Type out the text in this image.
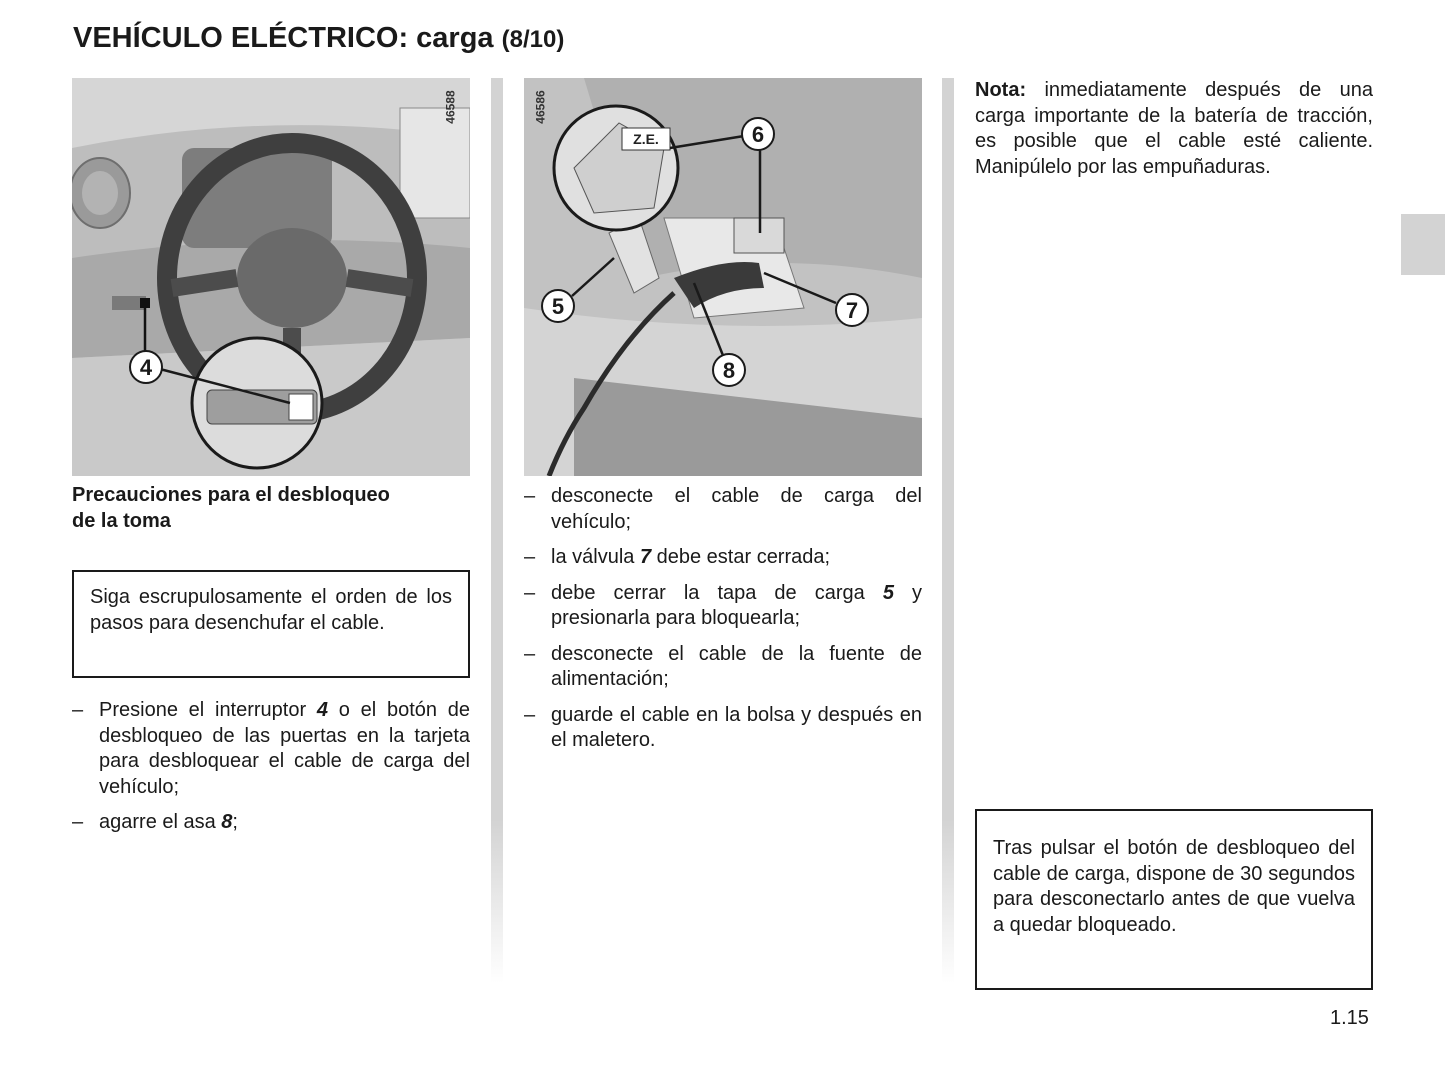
VEHÍCULO ELÉCTRICO: carga (8/10)
4
46588
Precauciones para el desbloqueo
de la toma
Siga escrupulosamente el orden de los pasos para desenchufar el cable.
– Presione el interruptor 4 o el botón de desbloqueo de las puertas en la tarjeta para desbloquear el cable de carga del vehículo;
– agarre el asa 8;
Z.E.	6
5	7
8
46586
– desconecte el cable de carga del vehículo;
– la válvula 7 debe estar cerrada;
– debe cerrar la tapa de carga 5 y presionarla para bloquearla;
– desconecte el cable de la fuente de alimentación;
– guarde el cable en la bolsa y después en el maletero.
Nota: inmediatamente después de una carga importante de la batería de tracción, es posible que el cable esté caliente. Manipúlelo por las empuñaduras.
Tras pulsar el botón de desbloqueo del cable de carga, dispone de 30 segundos para desconectarlo antes de que vuelva a quedar bloqueado.
1.15
